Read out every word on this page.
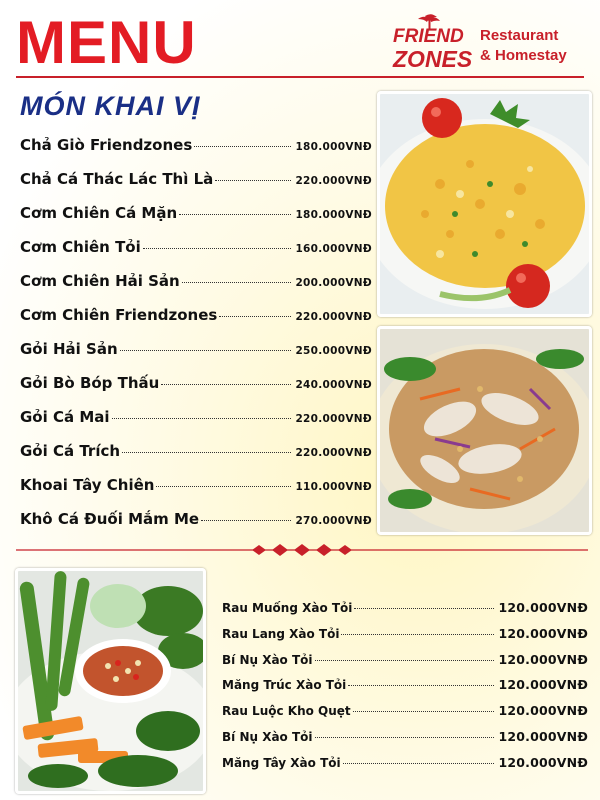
MENU	FRIEND
ZONES
Restaurant
& Homestay
MÓN KHAI VỊ
Chả Giò Friendzones	180.000VNĐ
Chả Cá Thác Lác Thì Là	220.000VNĐ
Cơm Chiên Cá Mặn	180.000VNĐ
Cơm Chiên Tỏi	160.000VNĐ
Cơm Chiên Hải Sản	200.000VNĐ
Cơm Chiên Friendzones	220.000VNĐ
Gỏi Hải Sản	250.000VNĐ
Gỏi Bò Bóp Thấu	240.000VNĐ
Gỏi Cá Mai	220.000VNĐ
Gỏi Cá Trích	220.000VNĐ
Khoai Tây Chiên	110.000VNĐ
Khô Cá Đuối Mắm Me	270.000VNĐ
Rau Muống Xào Tỏi	120.000VNĐ
Rau Lang Xào Tỏi	120.000VNĐ
Bí Nụ Xào Tỏi	120.000VNĐ
Măng Trúc Xào Tỏi	120.000VNĐ
Rau Luộc Kho Quẹt	120.000VNĐ
Bí Nụ Xào Tỏi	120.000VNĐ
Măng Tây Xào Tỏi	120.000VNĐ
